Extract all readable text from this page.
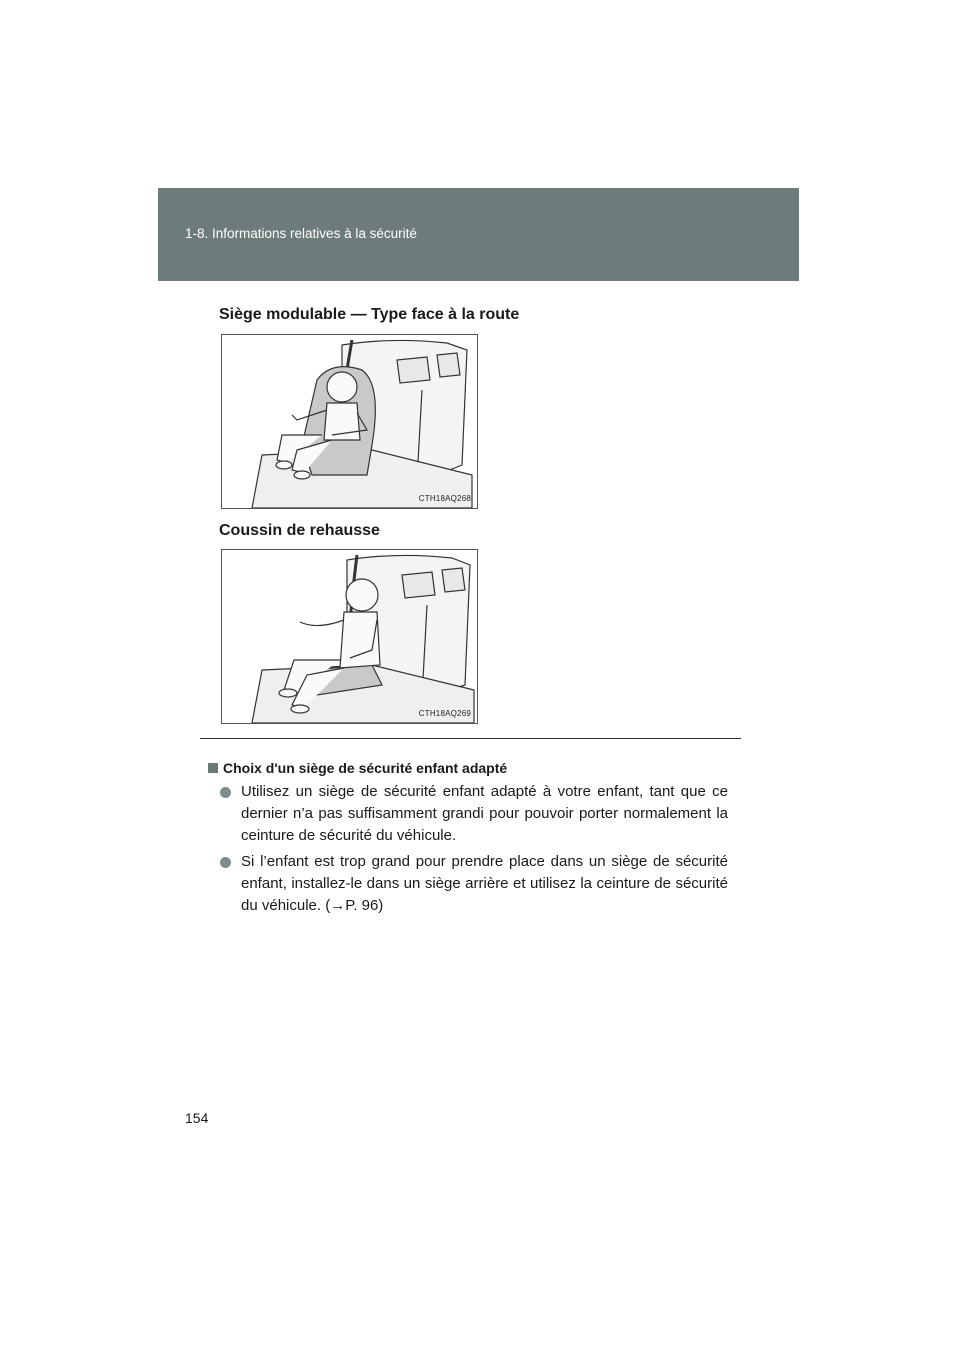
1-8. Informations relatives à la sécurité
Siège modulable — Type face à la route
CTH18AQ268
Coussin de rehausse
CTH18AQ269
Choix d'un siège de sécurité enfant adapté
Utilisez un siège de sécurité enfant adapté à votre enfant, tant que ce dernier n’a pas suffisamment grandi pour pouvoir porter normalement la ceinture de sécurité du véhicule.
Si l’enfant est trop grand pour prendre place dans un siège de sécurité enfant, installez-le dans un siège arrière et utilisez la ceinture de sécurité du véhicule. (→P. 96)
154
